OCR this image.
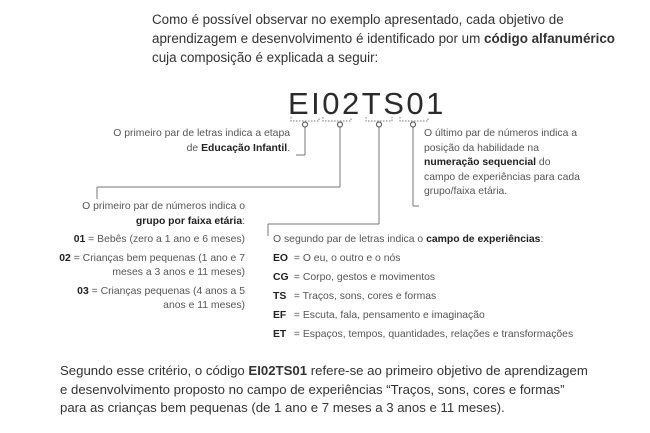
Como é possível observar no exemplo apresentado, cada objetivo de aprendizagem e desenvolvimento é identificado por um código alfanumérico cuja composição é explicada a seguir:
EI02TS01
O primeiro par de letras indica a etapa de Educação Infantil.
O último par de números indica a posição da habilidade na numeração sequencial do campo de experiências para cada grupo/faixa etária.
O primeiro par de números indica o grupo por faixa etária:
01 = Bebês (zero a 1 ano e 6 meses)
02 = Crianças bem pequenas (1 ano e 7 meses a 3 anos e 11 meses)
03 = Crianças pequenas (4 anos a 5 anos e 11 meses)
O segundo par de letras indica o campo de experiências:
EO = O eu, o outro e o nós
CG = Corpo, gestos e movimentos
TS = Traços, sons, cores e formas
EF = Escuta, fala, pensamento e imaginação
ET = Espaços, tempos, quantidades, relações e transformações
Segundo esse critério, o código EI02TS01 refere-se ao primeiro objetivo de aprendizagem e desenvolvimento proposto no campo de experiências “Traços, sons, cores e formas” para as crianças bem pequenas (de 1 ano e 7 meses a 3 anos e 11 meses).
